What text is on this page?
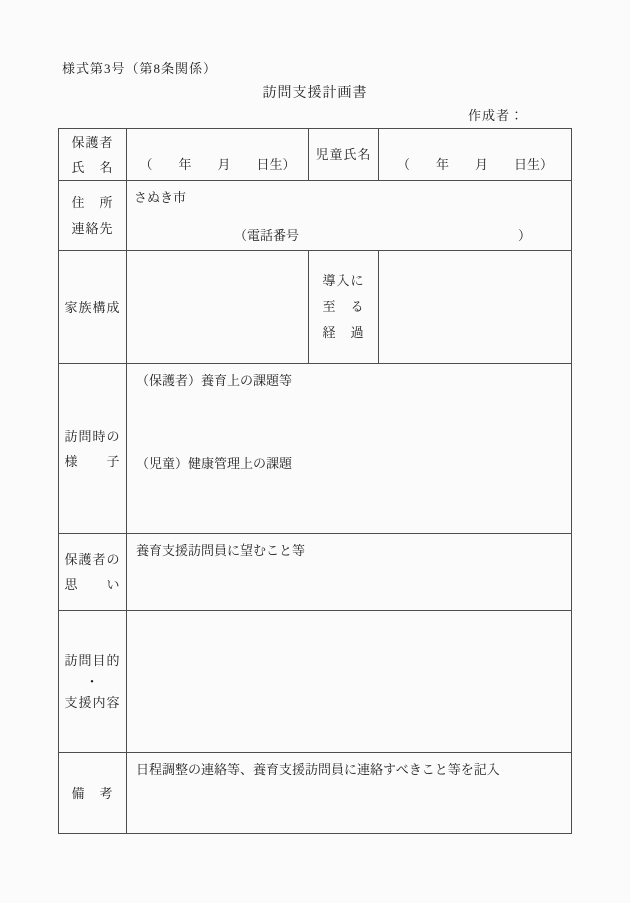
様式第3号（第8条関係）
訪問支援計画書
作成者：
保護者
氏　名 （　　年　　月　　日生）
児童氏名
（　　年　　月　　日生）
住　所
連絡先
さぬき市
（電話番号	）
家族構成
導入に
至　る
経　過
訪問時の
様　　子
（保護者）養育上の課題等
（児童）健康管理上の課題
保護者の
思　　い
養育支援訪問員に望むこと等
訪問目的
・
支援内容
備　考
日程調整の連絡等、養育支援訪問員に連絡すべきこと等を記入
